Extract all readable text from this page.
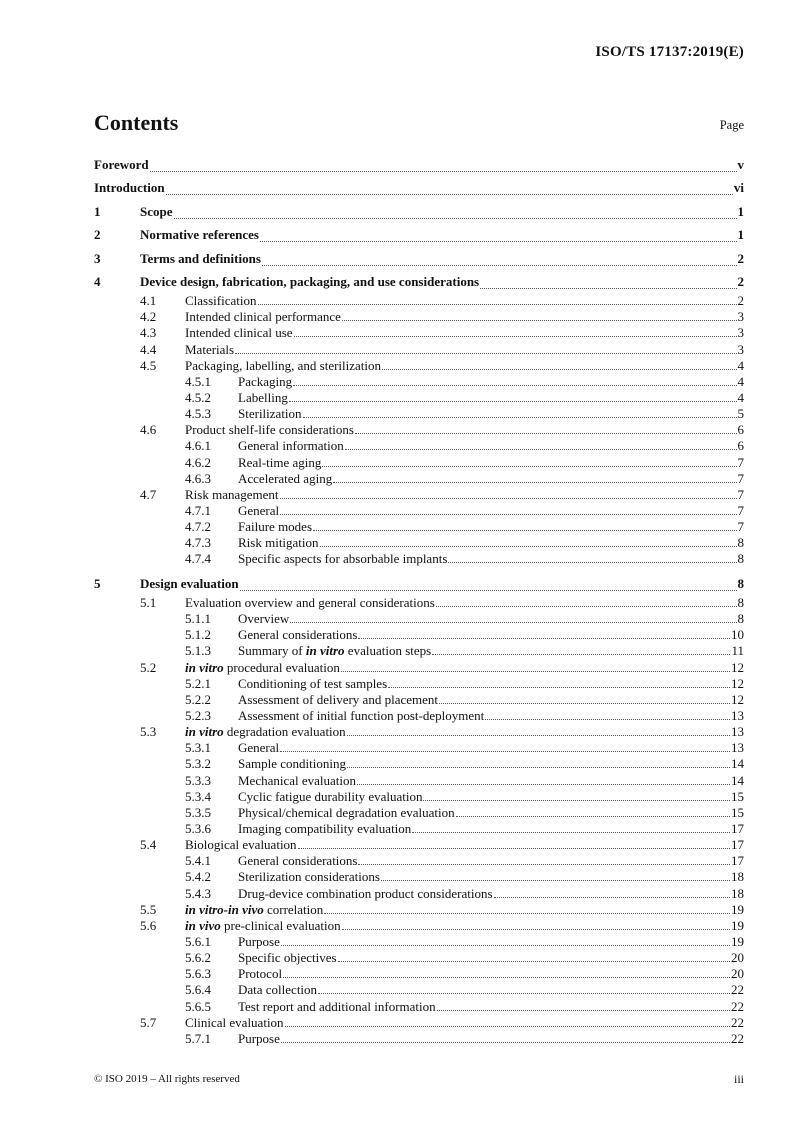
ISO/TS 17137:2019(E)
Contents	Page
Foreword	v
Introduction	vi
1	Scope	1
2	Normative references	1
3	Terms and definitions	2
4	Device design, fabrication, packaging, and use considerations	2
4.1 Classification	2
4.2 Intended clinical performance	3
4.3 Intended clinical use	3
4.4 Materials	3
4.5 Packaging, labelling, and sterilization	4
4.5.1 Packaging	4
4.5.2 Labelling	4
4.5.3 Sterilization	5
4.6 Product shelf-life considerations	6
4.6.1 General information	6
4.6.2 Real-time aging	7
4.6.3 Accelerated aging	7
4.7 Risk management	7
4.7.1 General	7
4.7.2 Failure modes	7
4.7.3 Risk mitigation	8
4.7.4 Specific aspects for absorbable implants	8
5	Design evaluation	8
5.1 Evaluation overview and general considerations	8
5.1.1 Overview	8
5.1.2 General considerations	10
5.1.3 Summary of in vitro evaluation steps	11
5.2 in vitro procedural evaluation	12
5.2.1 Conditioning of test samples	12
5.2.2 Assessment of delivery and placement	12
5.2.3 Assessment of initial function post-deployment	13
5.3 in vitro degradation evaluation	13
5.3.1 General	13
5.3.2 Sample conditioning	14
5.3.3 Mechanical evaluation	14
5.3.4 Cyclic fatigue durability evaluation	15
5.3.5 Physical/chemical degradation evaluation	15
5.3.6 Imaging compatibility evaluation	17
5.4 Biological evaluation	17
5.4.1 General considerations	17
5.4.2 Sterilization considerations	18
5.4.3 Drug-device combination product considerations	18
5.5 in vitro-in vivo correlation	19
5.6 in vivo pre-clinical evaluation	19
5.6.1 Purpose	19
5.6.2 Specific objectives	20
5.6.3 Protocol	20
5.6.4 Data collection	22
5.6.5 Test report and additional information	22
5.7 Clinical evaluation	22
5.7.1 Purpose	22
© ISO 2019 – All rights reserved	iii
